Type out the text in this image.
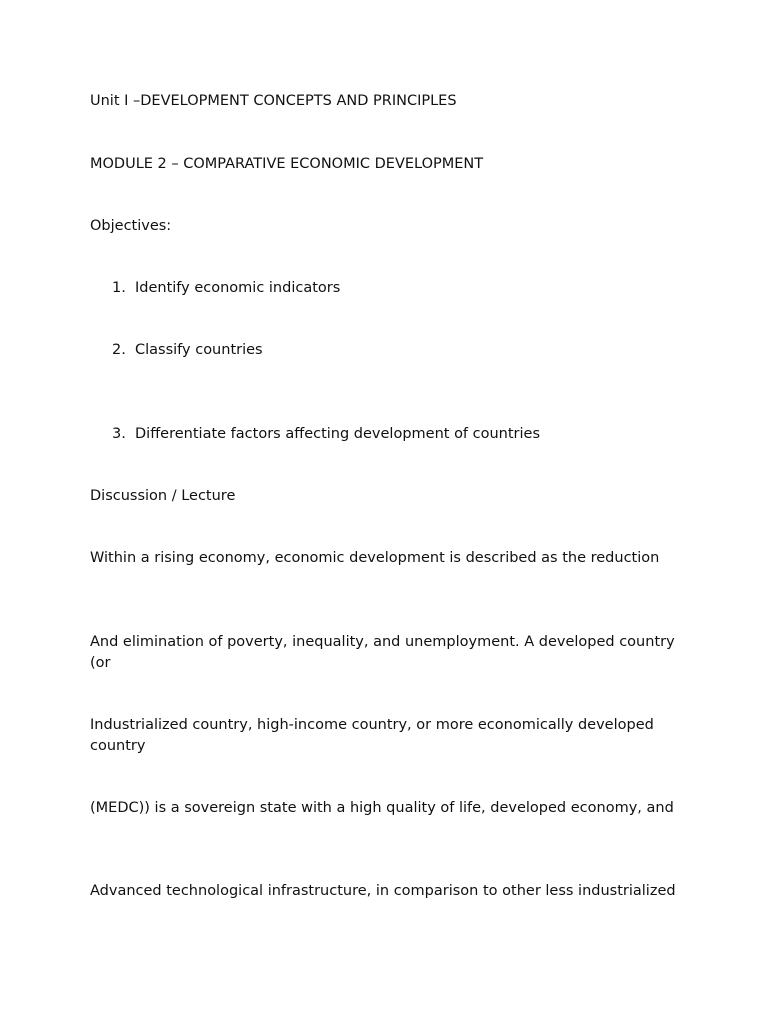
Unit I –DEVELOPMENT CONCEPTS AND PRINCIPLES
MODULE 2 – COMPARATIVE ECONOMIC DEVELOPMENT
Objectives:
1. Identify economic indicators
2. Classify countries
3. Differentiate factors affecting development of countries
Discussion / Lecture
Within a rising economy, economic development is described as the reduction
And elimination of poverty, inequality, and unemployment. A developed country (or
Industrialized country, high-income country, or more economically developed country
(MEDC)) is a sovereign state with a high quality of life, developed economy, and
Advanced technological infrastructure, in comparison to other less industrialized
